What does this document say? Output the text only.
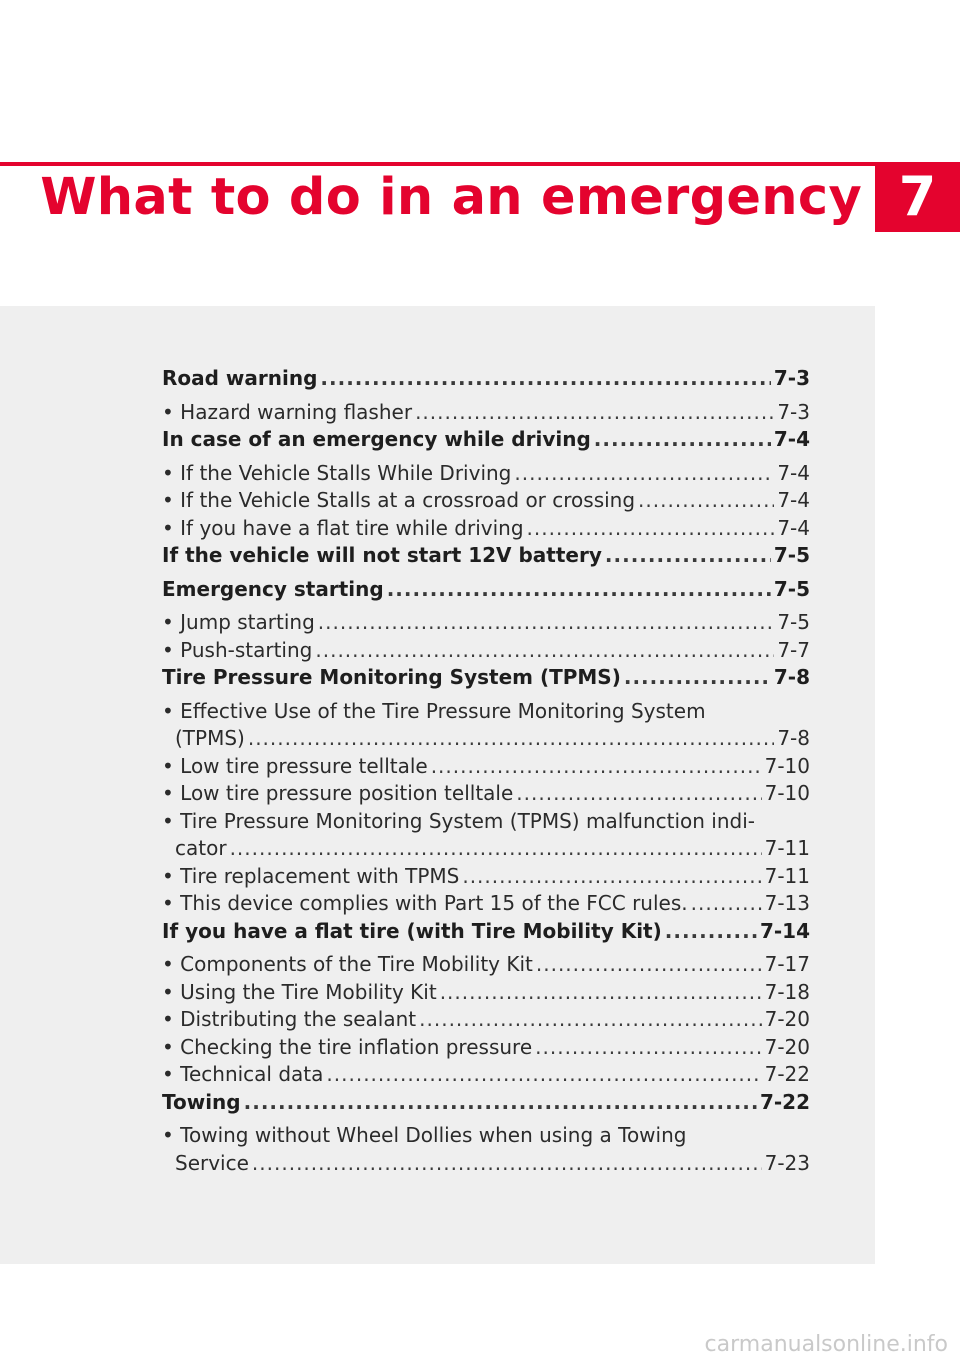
What to do in an emergency 7
Road warning .....	7-3
• Hazard warning flasher .....	7-3
In case of an emergency while driving .....	7-4
• If the Vehicle Stalls While Driving .....	7-4
• If the Vehicle Stalls at a crossroad or crossing .....	7-4
• If you have a flat tire while driving .....	7-4
If the vehicle will not start 12V battery .....	7-5
Emergency starting .....	7-5
• Jump starting .....	7-5
• Push-starting .....	7-7
Tire Pressure Monitoring System (TPMS) .....	7-8
• Effective Use of the Tire Pressure Monitoring System
(TPMS) .....	7-8
• Low tire pressure telltale .....	7-10
• Low tire pressure position telltale .....	7-10
• Tire Pressure Monitoring System (TPMS) malfunction indi-
cator .....	7-11
• Tire replacement with TPMS .....	7-11
• This device complies with Part 15 of the FCC rules. .....	7-13
If you have a flat tire (with Tire Mobility Kit) .....	7-14
• Components of the Tire Mobility Kit .....	7-17
• Using the Tire Mobility Kit .....	7-18
• Distributing the sealant .....	7-20
• Checking the tire inflation pressure .....	7-20
• Technical data .....	7-22
Towing .....	7-22
• Towing without Wheel Dollies when using a Towing
Service .....	7-23
carmanualsonline.info
